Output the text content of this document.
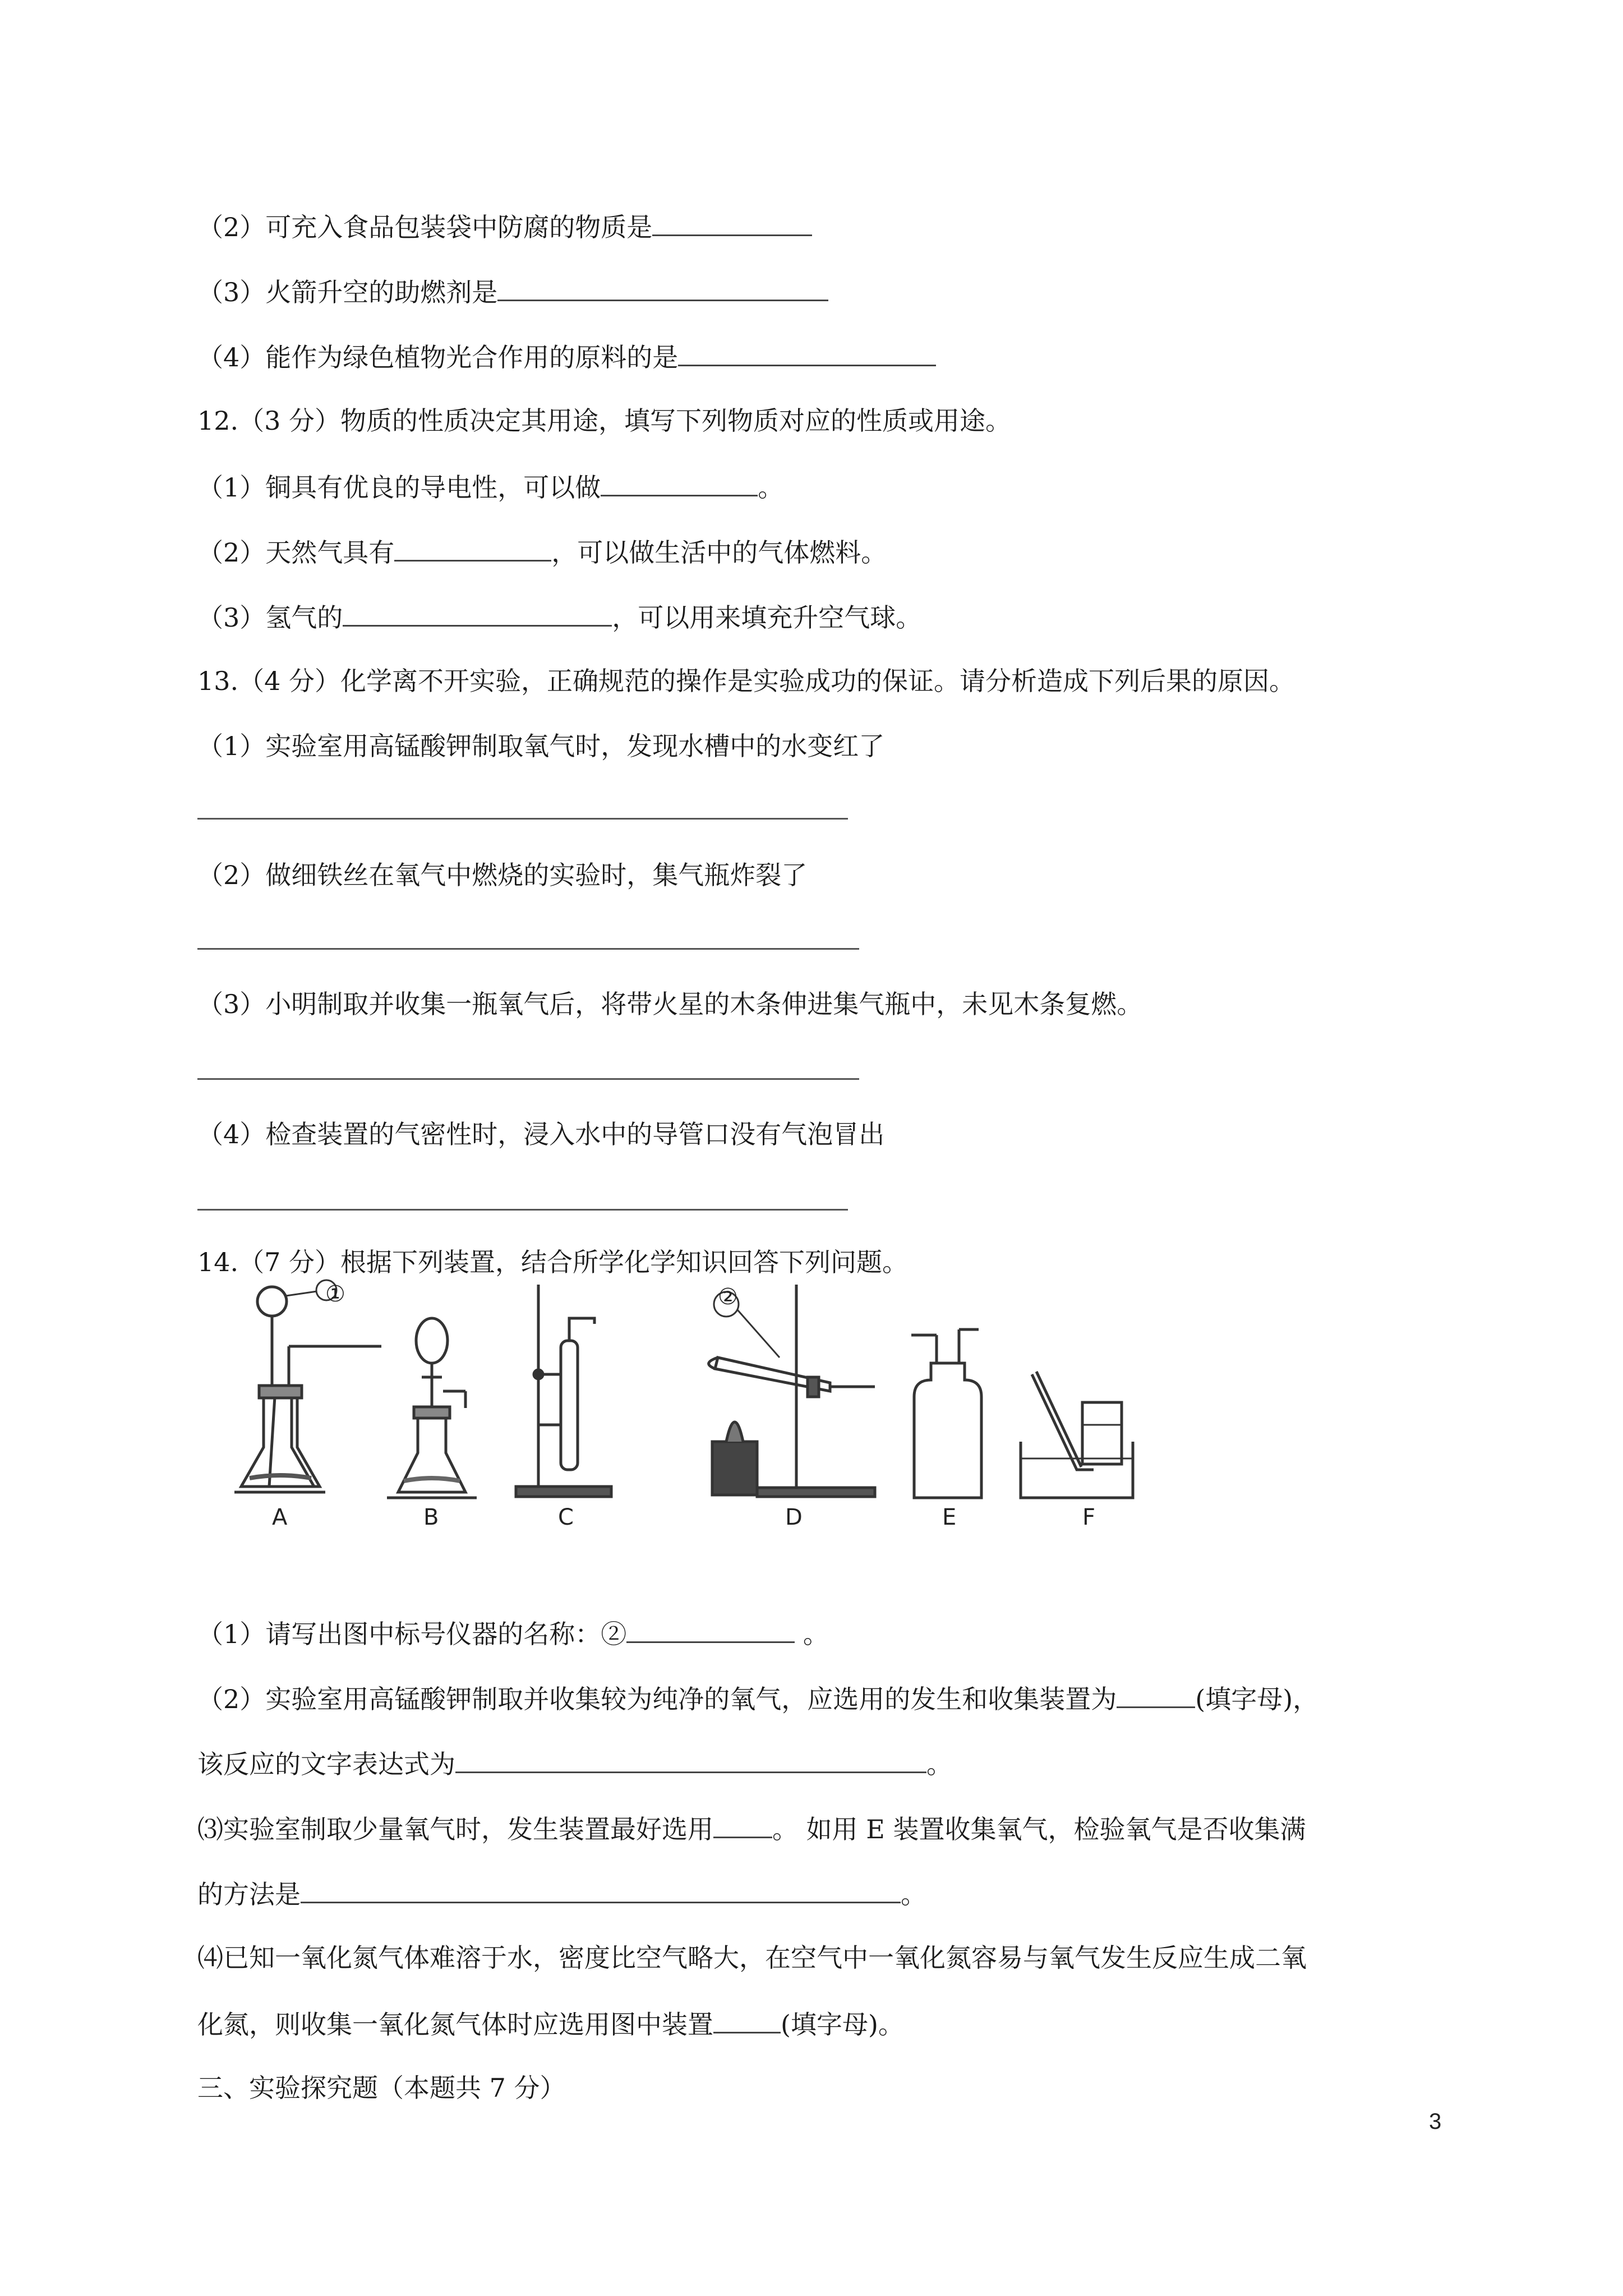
（2）可充入食品包装袋中防腐的物质是
（3）火箭升空的助燃剂是
（4）能作为绿色植物光合作用的原料的是
12.（3 分）物质的性质决定其用途，填写下列物质对应的性质或用途。
（1）铜具有优良的导电性，可以做	。
（2）天然气具有	，可以做生活中的气体燃料。
（3）氢气的	，可以用来填充升空气球。
13.（4 分）化学离不开实验，正确规范的操作是实验成功的保证。请分析造成下列后果的原因。
（1）实验室用高锰酸钾制取氧气时，发现水槽中的水变红了
（2）做细铁丝在氧气中燃烧的实验时，集气瓶炸裂了
（3）小明制取并收集一瓶氧气后，将带火星的木条伸进集气瓶中，未见木条复燃。
（4）检查装置的气密性时，浸入水中的导管口没有气泡冒出
14.（7 分）根据下列装置，结合所学化学知识回答下列问题。
①	②
A	B	C	D	E	F
（1）请写出图中标号仪器的名称：②	。
（2）实验室用高锰酸钾制取并收集较为纯净的氧气，应选用的发生和收集装置为	(填字母)，
该反应的文字表达式为	。
⑶实验室制取少量氧气时，发生装置最好选用 。 如用 E 装置收集氧气，检验氧气是否收集满
的方法是	。
⑷已知一氧化氮气体难溶于水，密度比空气略大，在空气中一氧化氮容易与氧气发生反应生成二氧
化氮，则收集一氧化氮气体时应选用图中装置	(填字母)。
三、实验探究题（本题共 7 分）
3
